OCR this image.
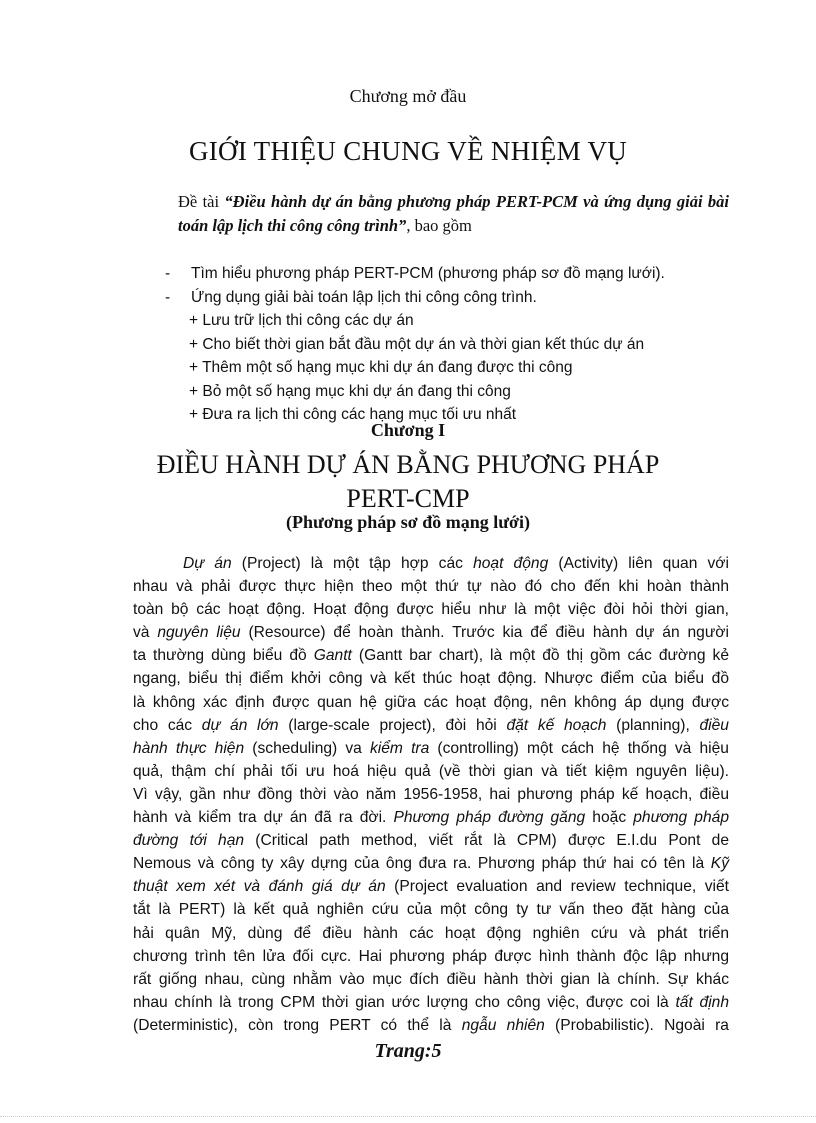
Chương mở đầu
GIỚI THIỆU CHUNG VỀ NHIỆM VỤ
Đề tài “Điều hành dự án bằng phương pháp PERT-PCM và ứng dụng giải bài toán lập lịch thi công công trình”, bao gồm
- Tìm hiểu phương pháp PERT-PCM (phương pháp sơ đồ mạng lưới).
- Ứng dụng giải bài toán lập lịch thi công công trình.
+ Lưu trữ lịch thi công các dự án
+ Cho biết thời gian bắt đầu một dự án và thời gian kết thúc dự án
+ Thêm một số hạng mục khi dự án đang được thi công
+ Bỏ một số hạng mục khi dự án đang thi công
+ Đưa ra lịch thi công các hạng mục tối ưu nhất
Chương I
ĐIỀU HÀNH DỰ ÁN BẰNG PHƯƠNG PHÁP
PERT-CMP
(Phương pháp sơ đồ mạng lưới)
Dự án (Project) là một tập hợp các hoạt động (Activity) liên quan với
nhau và phải được thực hiện theo một thứ tự nào đó cho đến khi hoàn thành
toàn bộ các hoạt động. Hoạt động được hiểu như là một việc đòi hỏi thời gian,
và nguyên liệu (Resource) để hoàn thành. Trước kia để điều hành dự án người
ta thường dùng biểu đồ Gantt (Gantt bar chart), là một đồ thị gồm các đường kẻ
ngang, biểu thị điểm khởi công và kết thúc hoạt động. Nhược điểm của biểu đồ
là không xác định được quan hệ giữa các hoạt động, nên không áp dụng được
cho các dự án lớn (large-scale project), đòi hỏi đặt kế hoạch (planning), điều
hành thực hiện (scheduling) va kiểm tra (controlling) một cách hệ thống và hiệu
quả, thậm chí phải tối ưu hoá hiệu quả (về thời gian và tiết kiệm nguyên liệu).
Vì vậy, gần như đồng thời vào năm 1956-1958, hai phương pháp kế hoạch, điều
hành và kiểm tra dự án đã ra đời. Phương pháp đường găng hoặc phương pháp
đường tới hạn (Critical path method, viết rắt là CPM) được E.I.du Pont de
Nemous và công ty xây dựng của ông đưa ra. Phương pháp thứ hai có tên là Kỹ
thuật xem xét và đánh giá dự án (Project evaluation and review technique, viết
tắt là PERT) là kết quả nghiên cứu của một công ty tư vấn theo đặt hàng của
hải quân Mỹ, dùng để điều hành các hoạt động nghiên cứu và phát triển
chương trình tên lửa đối cực. Hai phương pháp được hình thành độc lập nhưng
rất giống nhau, cùng nhằm vào mục đích điều hành thời gian là chính. Sự khác
nhau chính là trong CPM thời gian ước lượng cho công việc, được coi là tất định
(Deterministic), còn trong PERT có thể là ngẫu nhiên (Probabilistic). Ngoài ra
Trang:5
